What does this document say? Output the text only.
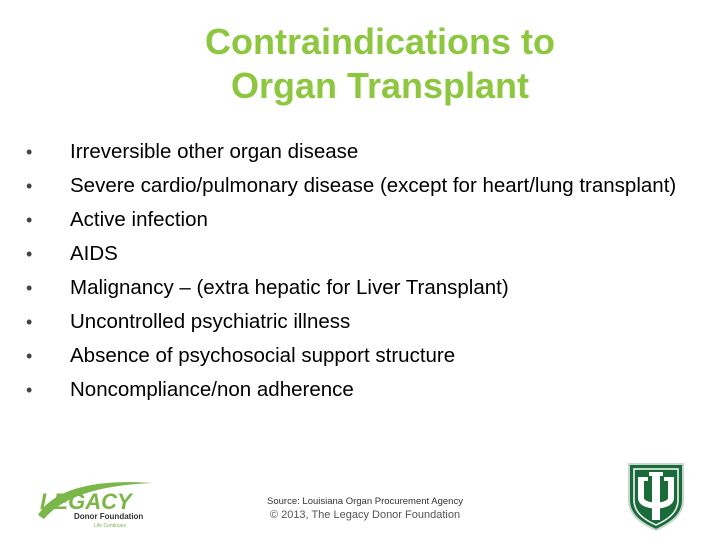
Contraindications to
Organ Transplant
• Irreversible other organ disease
• Severe cardio/pulmonary disease (except for heart/lung transplant)
• Active infection
• AIDS
• Malignancy – (extra hepatic for Liver Transplant)
• Uncontrolled psychiatric illness
• Absence of psychosocial support structure
• Noncompliance/non adherence
LEGACY
Donor Foundation
Life Continues
Source: Louisiana Organ Procurement Agency
© 2013, The Legacy Donor Foundation
